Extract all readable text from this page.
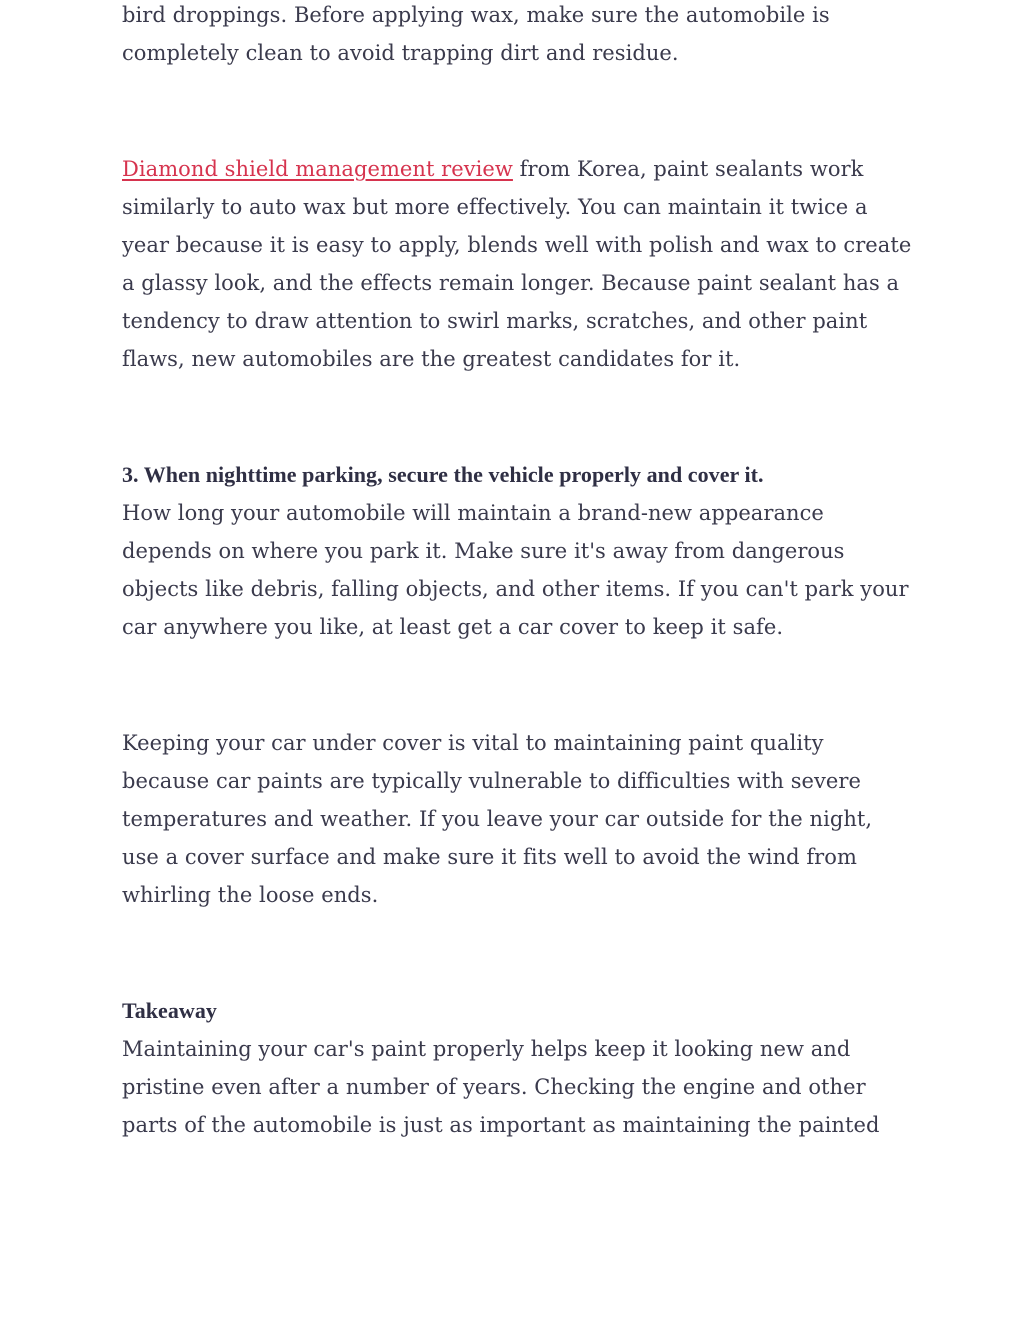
bird droppings. Before applying wax, make sure the automobile is completely clean to avoid trapping dirt and residue.

Diamond shield management review from Korea, paint sealants work similarly to auto wax but more effectively. You can maintain it twice a year because it is easy to apply, blends well with polish and wax to create a glassy look, and the effects remain longer. Because paint sealant has a tendency to draw attention to swirl marks, scratches, and other paint flaws, new automobiles are the greatest candidates for it.

3. When nighttime parking, secure the vehicle properly and cover it.

How long your automobile will maintain a brand-new appearance depends on where you park it. Make sure it's away from dangerous objects like debris, falling objects, and other items. If you can't park your car anywhere you like, at least get a car cover to keep it safe.

Keeping your car under cover is vital to maintaining paint quality because car paints are typically vulnerable to difficulties with severe temperatures and weather. If you leave your car outside for the night, use a cover surface and make sure it fits well to avoid the wind from whirling the loose ends.

Takeaway

Maintaining your car's paint properly helps keep it looking new and pristine even after a number of years. Checking the engine and other parts of the automobile is just as important as maintaining the painted
